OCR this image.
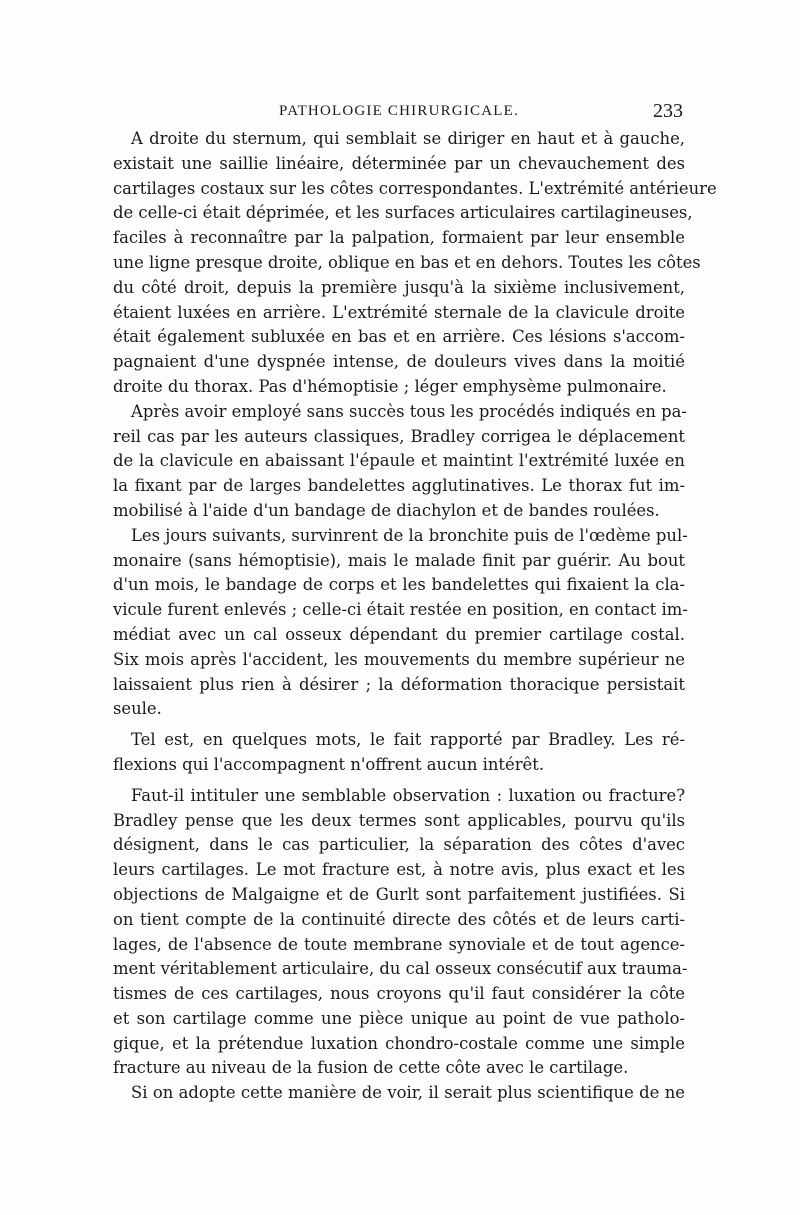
PATHOLOGIE CHIRURGICALE.	233
A droite du sternum, qui semblait se diriger en haut et à gauche,
existait une saillie linéaire, déterminée par un chevauchement des
cartilages costaux sur les côtes correspondantes. L'extrémité antérieure
de celle-ci était déprimée, et les surfaces articulaires cartilagineuses,
faciles à reconnaître par la palpation, formaient par leur ensemble
une ligne presque droite, oblique en bas et en dehors. Toutes les côtes
du côté droit, depuis la première jusqu'à la sixième inclusivement,
étaient luxées en arrière. L'extrémité sternale de la clavicule droite
était également subluxée en bas et en arrière. Ces lésions s'accom-
pagnaient d'une dyspnée intense, de douleurs vives dans la moitié
droite du thorax. Pas d'hémoptisie ; léger emphysème pulmonaire.
Après avoir employé sans succès tous les procédés indiqués en pa-
reil cas par les auteurs classiques, Bradley corrigea le déplacement
de la clavicule en abaissant l'épaule et maintint l'extrémité luxée en
la fixant par de larges bandelettes agglutinatives. Le thorax fut im-
mobilisé à l'aide d'un bandage de diachylon et de bandes roulées.
Les jours suivants, survinrent de la bronchite puis de l'œdème pul-
monaire (sans hémoptisie), mais le malade finit par guérir. Au bout
d'un mois, le bandage de corps et les bandelettes qui fixaient la cla-
vicule furent enlevés ; celle-ci était restée en position, en contact im-
médiat avec un cal osseux dépendant du premier cartilage costal.
Six mois après l'accident, les mouvements du membre supérieur ne
laissaient plus rien à désirer ; la déformation thoracique persistait
seule.
Tel est, en quelques mots, le fait rapporté par Bradley. Les ré-
flexions qui l'accompagnent n'offrent aucun intérêt.
Faut-il intituler une semblable observation : luxation ou fracture?
Bradley pense que les deux termes sont applicables, pourvu qu'ils
désignent, dans le cas particulier, la séparation des côtes d'avec
leurs cartilages. Le mot fracture est, à notre avis, plus exact et les
objections de Malgaigne et de Gurlt sont parfaitement justifiées. Si
on tient compte de la continuité directe des côtés et de leurs carti-
lages, de l'absence de toute membrane synoviale et de tout agence-
ment véritablement articulaire, du cal osseux consécutif aux trauma-
tismes de ces cartilages, nous croyons qu'il faut considérer la côte
et son cartilage comme une pièce unique au point de vue patholo-
gique, et la prétendue luxation chondro-costale comme une simple
fracture au niveau de la fusion de cette côte avec le cartilage.
Si on adopte cette manière de voir, il serait plus scientifique de ne
